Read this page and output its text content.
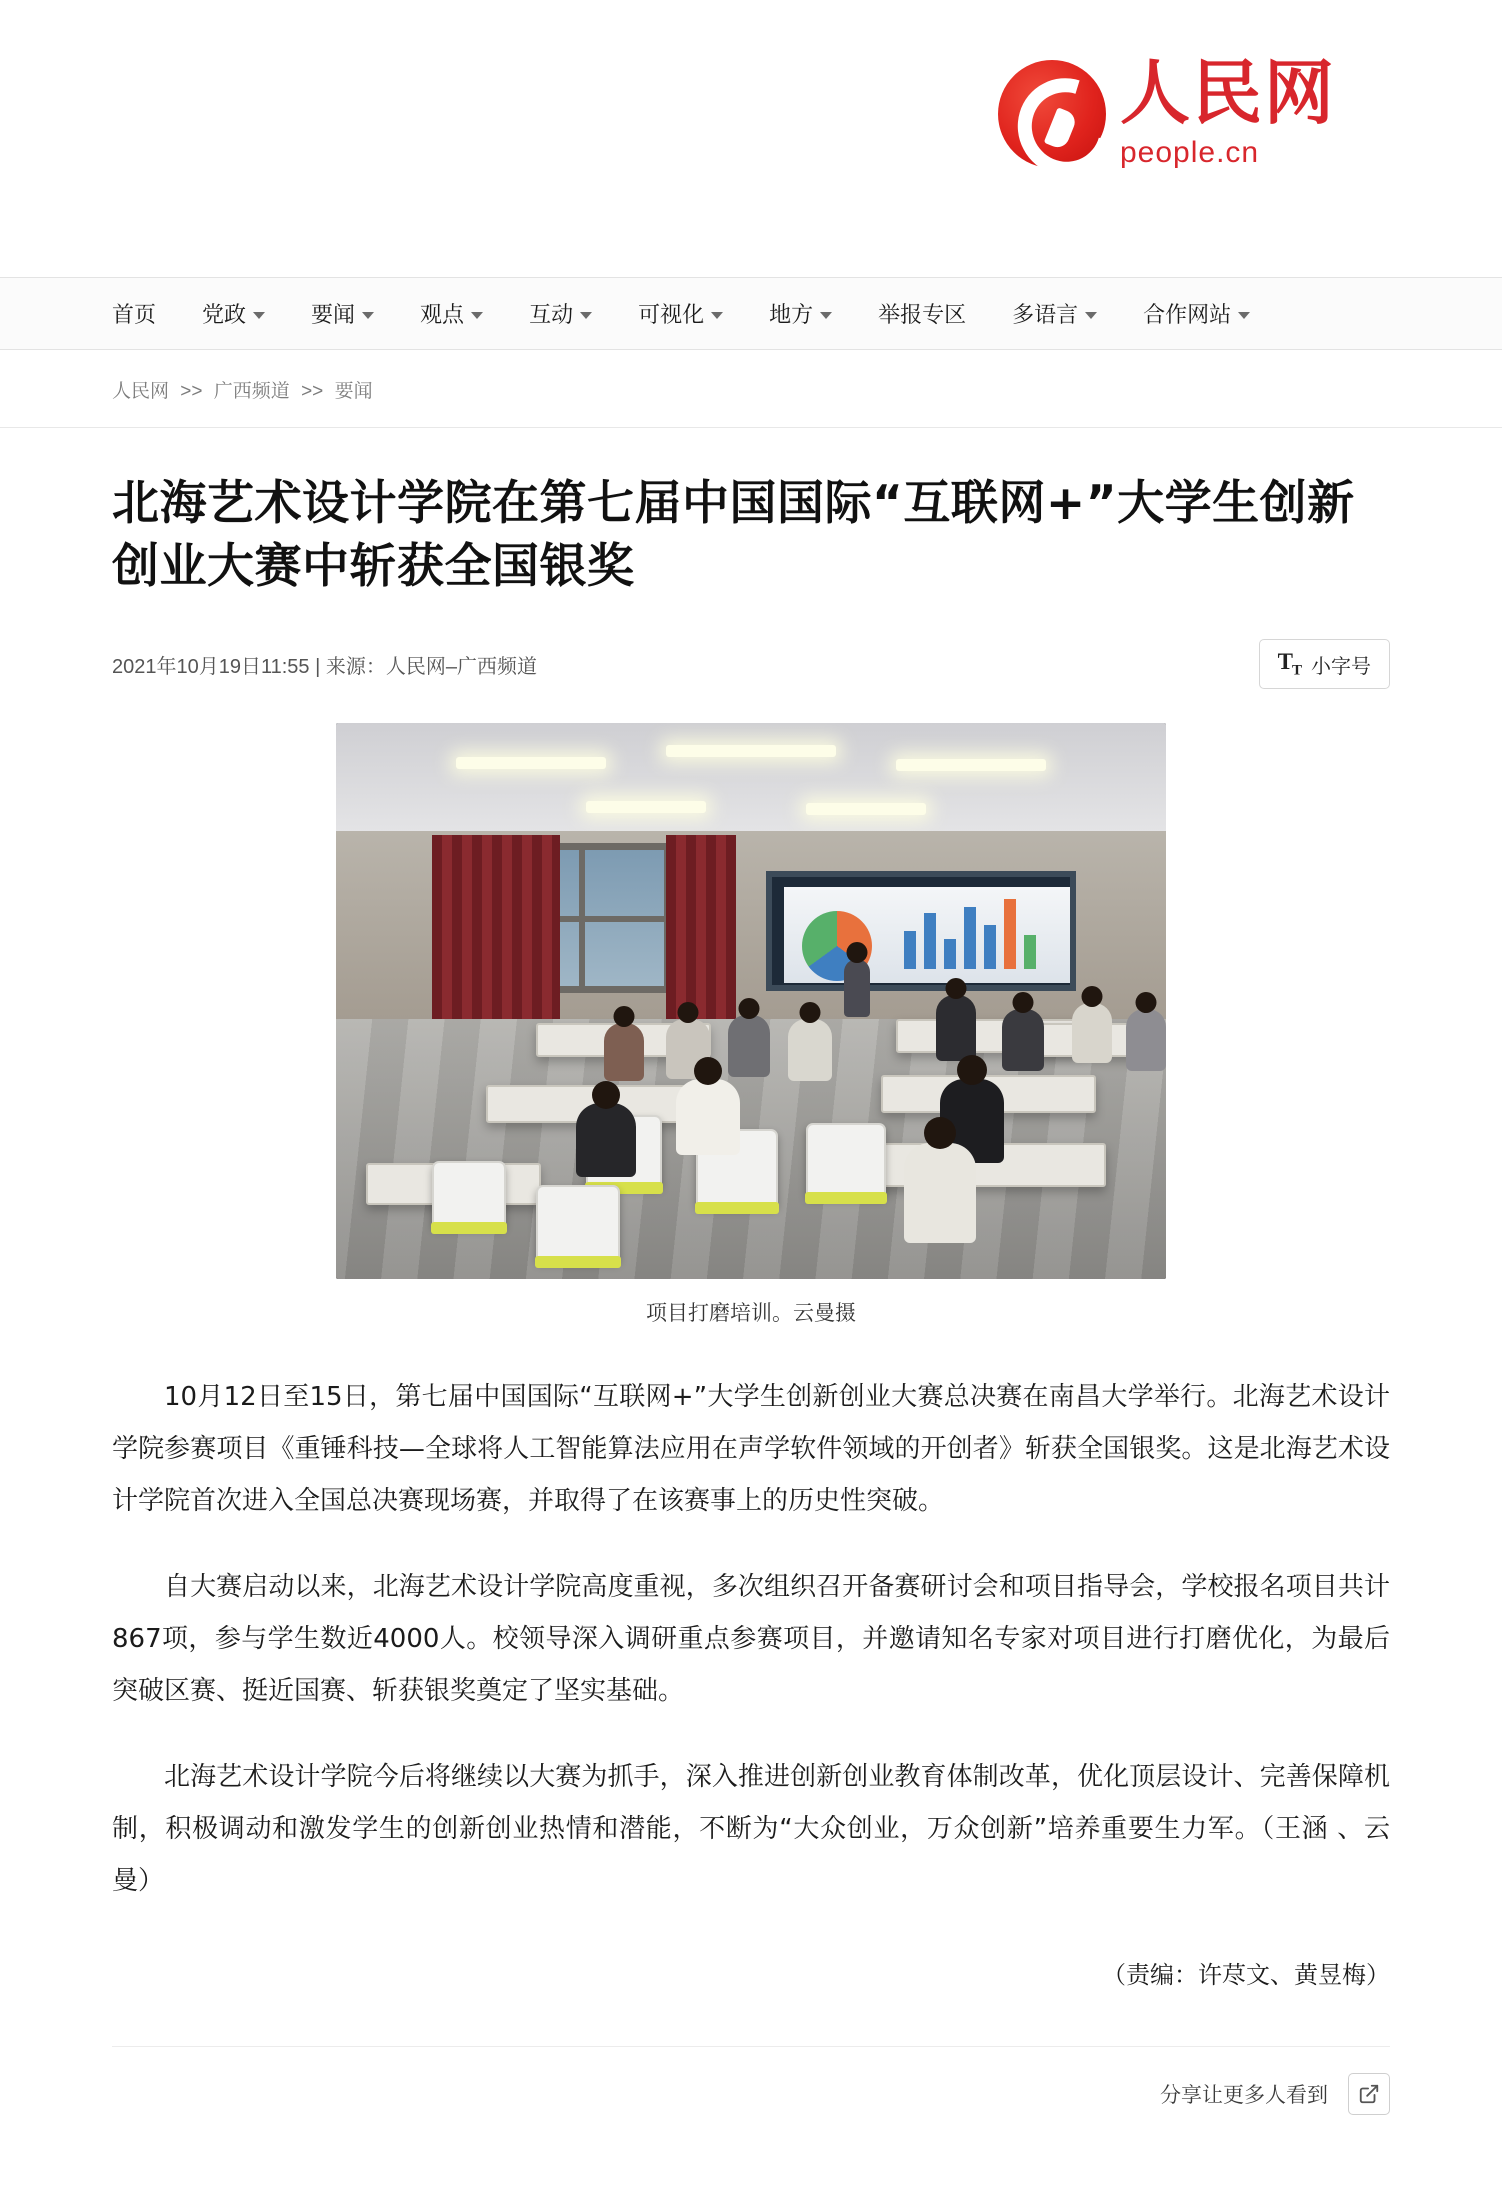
人民网
people.cn
首页 党政	要闻	观点	互动	可视化	地方	举报专区 多语言	合作网站
人民网 >> 广西频道 >> 要闻
北海艺术设计学院在第七届中国国际“互联网+”大学生创新创业大赛中斩获全国银奖
2021年10月19日11:55 | 来源：人民网–广西频道	$T_T$ 小字号
项目打磨培训。云曼摄

10月12日至15日，第七届中国国际“互联网+”大学生创新创业大赛总决赛在南昌大学举行。北海艺术设计学院参赛项目《重锤科技—全球将人工智能算法应用在声学软件领域的开创者》斩获全国银奖。这是北海艺术设计学院首次进入全国总决赛现场赛，并取得了在该赛事上的历史性突破。

自大赛启动以来，北海艺术设计学院高度重视，多次组织召开备赛研讨会和项目指导会，学校报名项目共计867项，参与学生数近4000人。校领导深入调研重点参赛项目，并邀请知名专家对项目进行打磨优化，为最后突破区赛、挺近国赛、斩获银奖奠定了坚实基础。

北海艺术设计学院今后将继续以大赛为抓手，深入推进创新创业教育体制改革，优化顶层设计、完善保障机制，积极调动和激发学生的创新创业热情和潜能，不断为“大众创业，万众创新”培养重要生力军。（王涵 、云曼）

（责编：许荩文、黄昱梅）
分享让更多人看到
